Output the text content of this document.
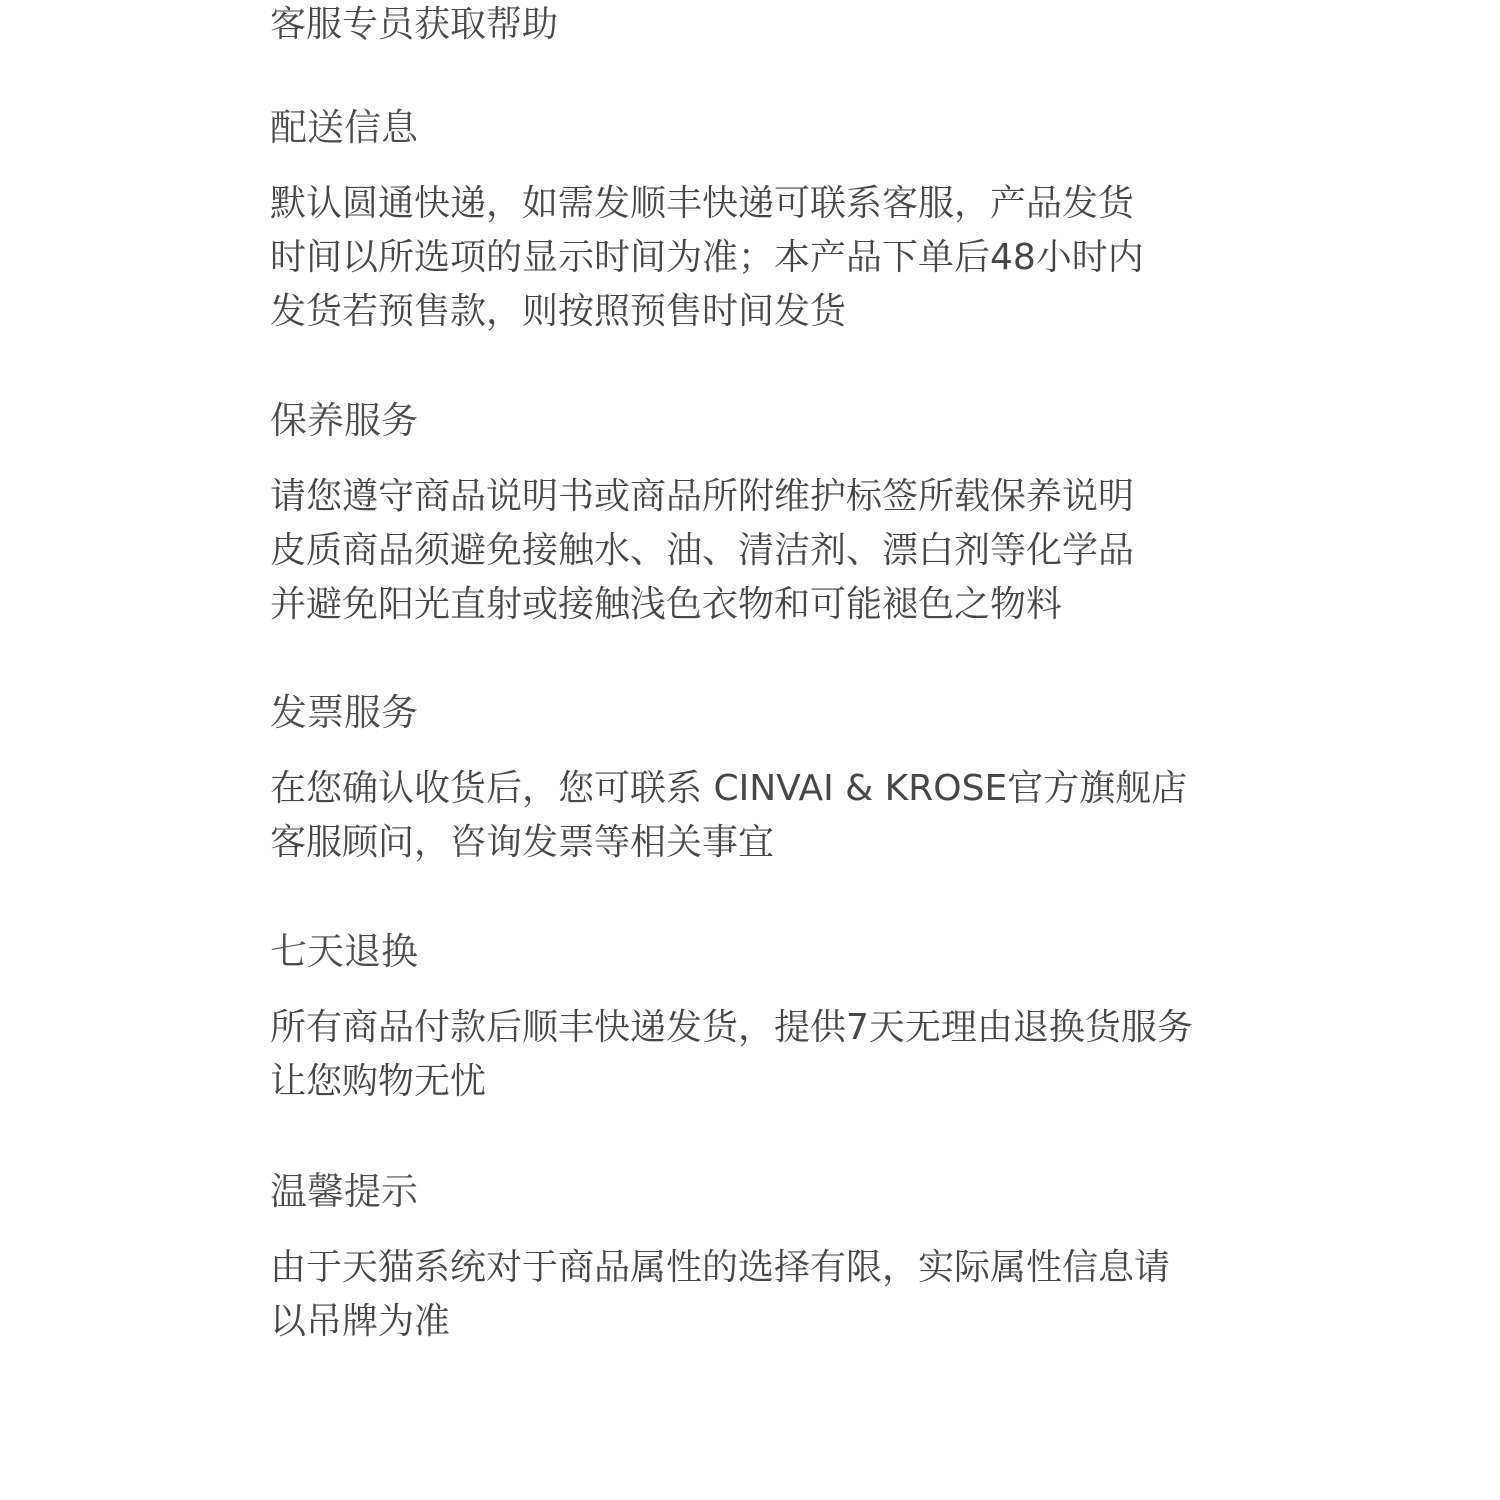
客服专员获取帮助
配送信息
默认圆通快递，如需发顺丰快递可联系客服，产品发货
时间以所选项的显示时间为准；本产品下单后48小时内
发货若预售款，则按照预售时间发货
保养服务
请您遵守商品说明书或商品所附维护标签所载保养说明
皮质商品须避免接触水、油、清洁剂、漂白剂等化学品
并避免阳光直射或接触浅色衣物和可能褪色之物料
发票服务
在您确认收货后，您可联系 CINVAI & KROSE官方旗舰店
客服顾问，咨询发票等相关事宜
七天退换
所有商品付款后顺丰快递发货，提供7天无理由退换货服务
让您购物无忧
温馨提示
由于天猫系统对于商品属性的选择有限，实际属性信息请
以吊牌为准
